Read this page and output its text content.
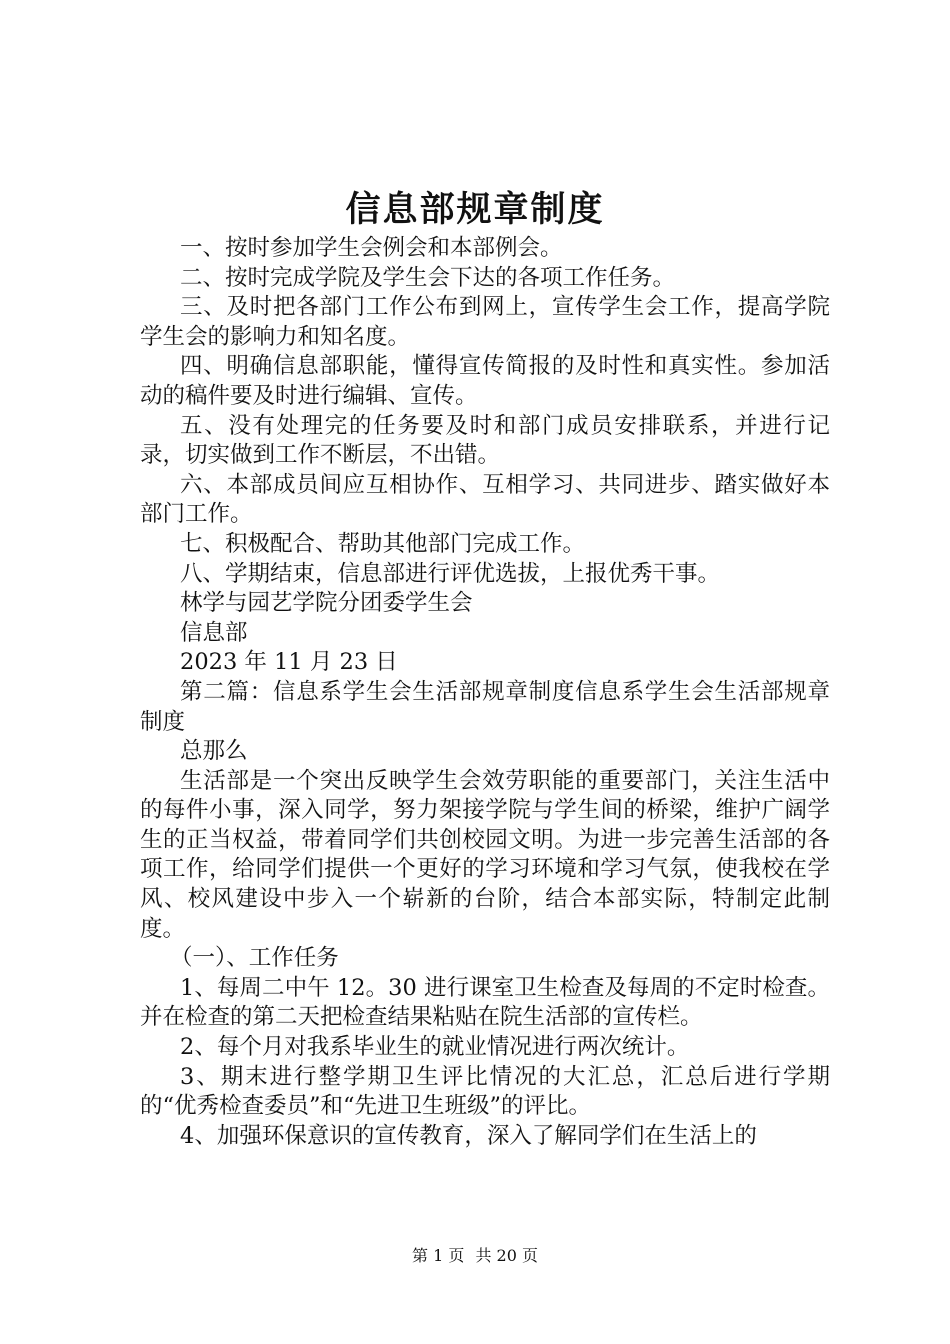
信息部规章制度

一、按时参加学生会例会和本部例会。

二、按时完成学院及学生会下达的各项工作任务。

三、及时把各部门工作公布到网上，宣传学生会工作，提高学院学生会的影响力和知名度。

四、明确信息部职能，懂得宣传简报的及时性和真实性。参加活动的稿件要及时进行编辑、宣传。

五、没有处理完的任务要及时和部门成员安排联系，并进行记录，切实做到工作不断层，不出错。

六、本部成员间应互相协作、互相学习、共同进步、踏实做好本部门工作。

七、积极配合、帮助其他部门完成工作。

八、学期结束，信息部进行评优选拔，上报优秀干事。

林学与园艺学院分团委学生会

信息部

2023 年 11 月 23 日

第二篇：信息系学生会生活部规章制度信息系学生会生活部规章制度

总那么

生活部是一个突出反映学生会效劳职能的重要部门，关注生活中的每件小事，深入同学，努力架接学院与学生间的桥梁，维护广阔学生的正当权益，带着同学们共创校园文明。为进一步完善生活部的各项工作，给同学们提供一个更好的学习环境和学习气氛，使我校在学风、校风建设中步入一个崭新的台阶，结合本部实际，特制定此制度。

（一）、工作任务

1、每周二中午 12。30 进行课室卫生检查及每周的不定时检查。并在检查的第二天把检查结果粘贴在院生活部的宣传栏。

2、每个月对我系毕业生的就业情况进行两次统计。

3、期末进行整学期卫生评比情况的大汇总，汇总后进行学期的“优秀检查委员”和“先进卫生班级”的评比。

4、加强环保意识的宣传教育，深入了解同学们在生活上的

第 1 页 共 20 页
